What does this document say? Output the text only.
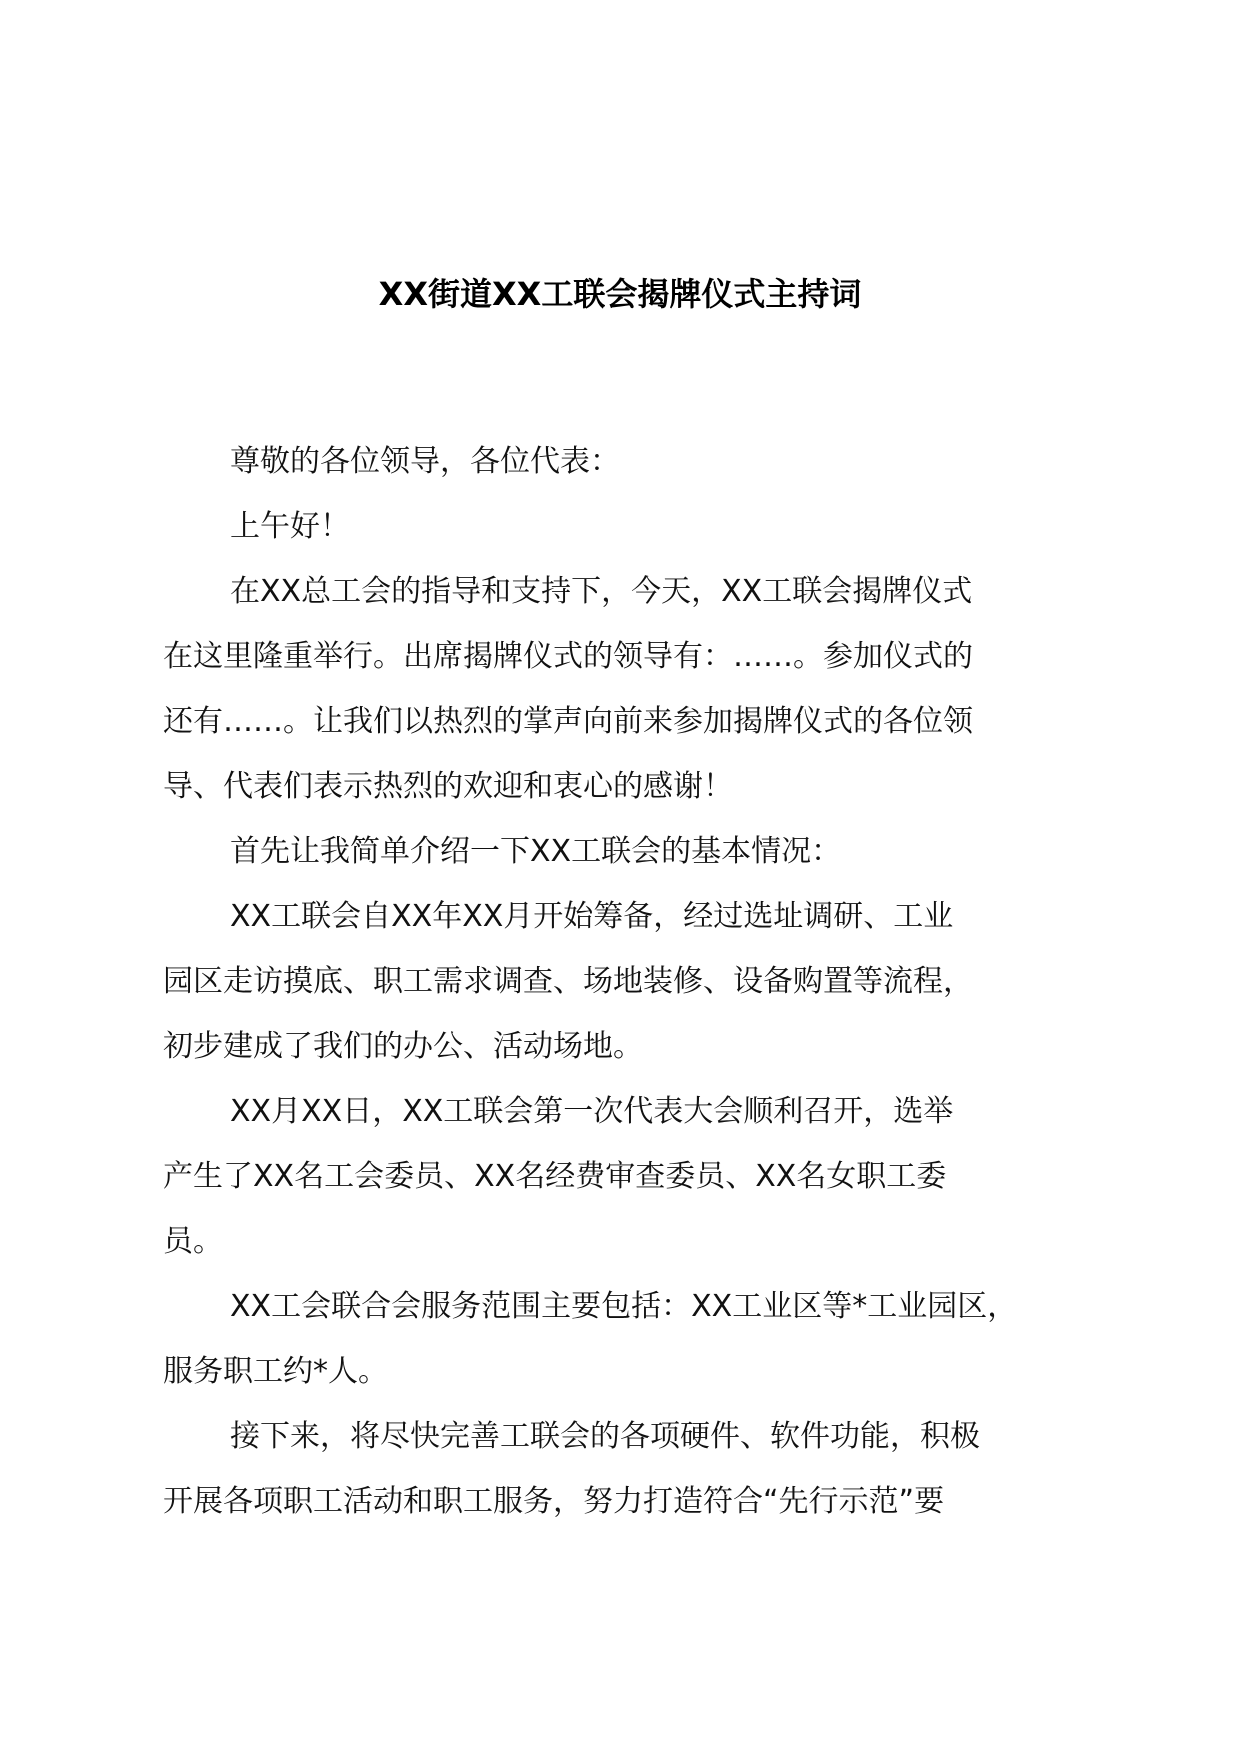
XX街道XX工联会揭牌仪式主持词
尊敬的各位领导，各位代表：
上午好！
在XX总工会的指导和支持下，今天，XX工联会揭牌仪式
在这里隆重举行。出席揭牌仪式的领导有：……。参加仪式的
还有……。让我们以热烈的掌声向前来参加揭牌仪式的各位领
导、代表们表示热烈的欢迎和衷心的感谢！
首先让我简单介绍一下XX工联会的基本情况：
XX工联会自XX年XX月开始筹备，经过选址调研、工业
园区走访摸底、职工需求调查、场地装修、设备购置等流程，
初步建成了我们的办公、活动场地。
XX月XX日，XX工联会第一次代表大会顺利召开，选举
产生了XX名工会委员、XX名经费审查委员、XX名女职工委
员。
XX工会联合会服务范围主要包括：XX工业区等*工业园区，
服务职工约*人。
接下来，将尽快完善工联会的各项硬件、软件功能，积极
开展各项职工活动和职工服务，努力打造符合“先行示范”要
